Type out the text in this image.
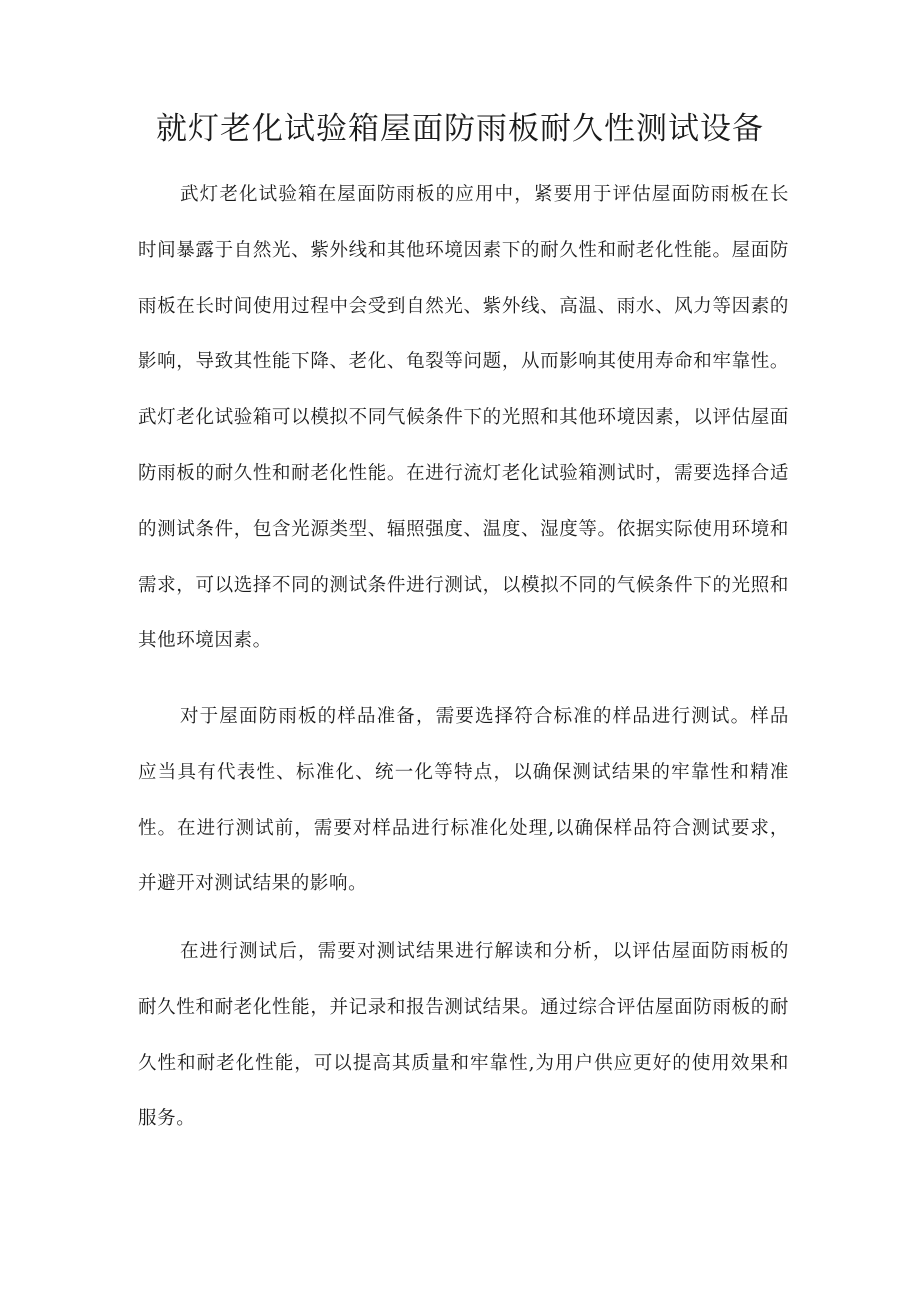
就灯老化试验箱屋面防雨板耐久性测试设备

武灯老化试验箱在屋面防雨板的应用中，紧要用于评估屋面防雨板在长时间暴露于自然光、紫外线和其他环境因素下的耐久性和耐老化性能。屋面防雨板在长时间使用过程中会受到自然光、紫外线、高温、雨水、风力等因素的影响，导致其性能下降、老化、龟裂等问题，从而影响其使用寿命和牢靠性。武灯老化试验箱可以模拟不同气候条件下的光照和其他环境因素，以评估屋面防雨板的耐久性和耐老化性能。在进行流灯老化试验箱测试时，需要选择合适的测试条件，包含光源类型、辐照强度、温度、湿度等。依据实际使用环境和需求，可以选择不同的测试条件进行测试，以模拟不同的气候条件下的光照和其他环境因素。

对于屋面防雨板的样品准备，需要选择符合标准的样品进行测试。样品应当具有代表性、标准化、统一化等特点，以确保测试结果的牢靠性和精准性。在进行测试前，需要对样品进行标准化处理,以确保样品符合测试要求，并避开对测试结果的影响。

在进行测试后，需要对测试结果进行解读和分析，以评估屋面防雨板的耐久性和耐老化性能，并记录和报告测试结果。通过综合评估屋面防雨板的耐久性和耐老化性能，可以提高其质量和牢靠性,为用户供应更好的使用效果和服务。
